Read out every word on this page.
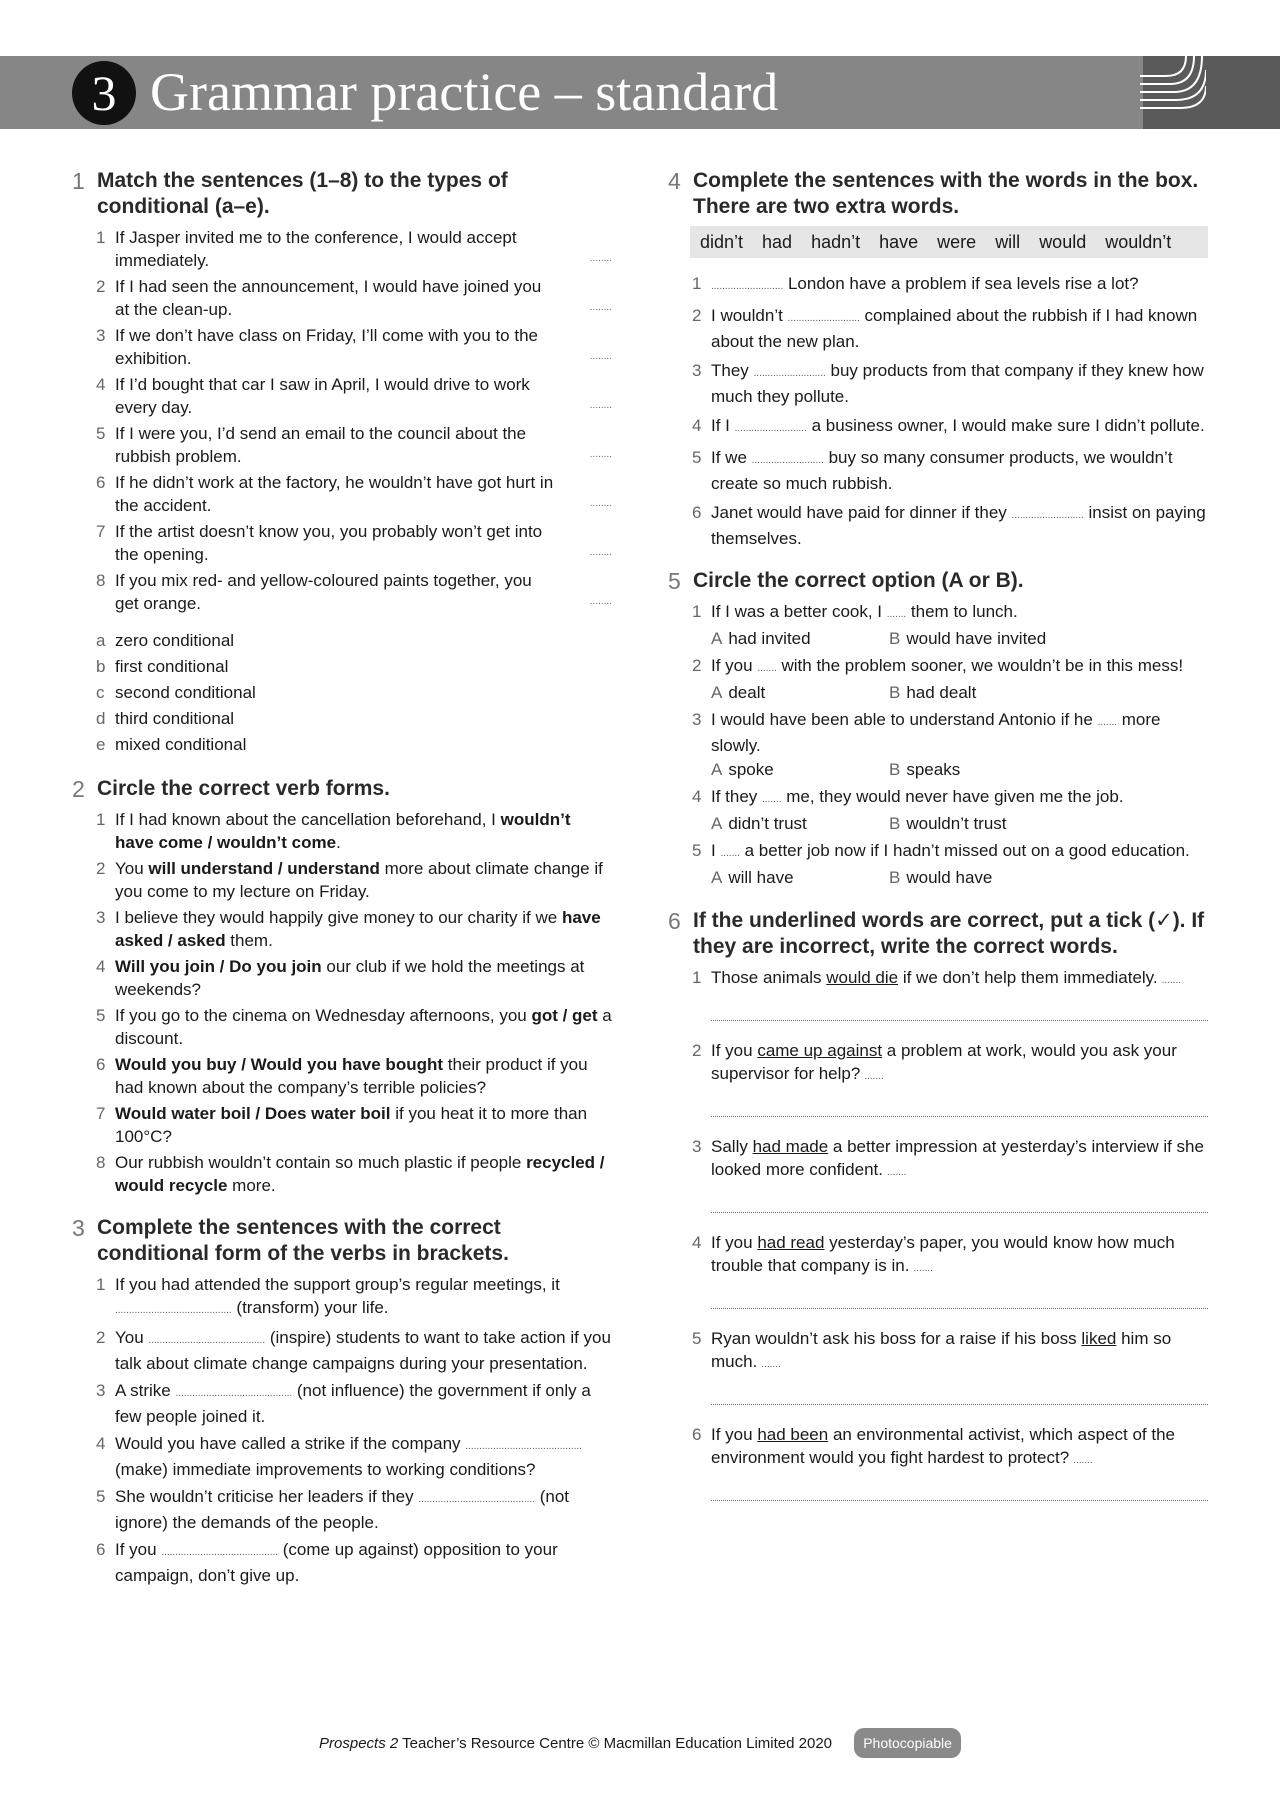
3 Grammar practice – standard
1 Match the sentences (1–8) to the types of conditional (a–e).
1 If Jasper invited me to the conference, I would accept immediately.	........
2 If I had seen the announcement, I would have joined you at the clean-up.	........
3 If we don’t have class on Friday, I’ll come with you to the exhibition.	........
4 If I’d bought that car I saw in April, I would drive to work every day.	........
5 If I were you, I’d send an email to the council about the rubbish problem.	........
6 If he didn’t work at the factory, he wouldn’t have got hurt in the accident.	........
7 If the artist doesn’t know you, you probably won’t get into the opening.	........
8 If you mix red- and yellow-coloured paints together, you get orange.	........
a zero conditional
b first conditional
c second conditional
d third conditional
e mixed conditional
2 Circle the correct verb forms.
1 If I had known about the cancellation beforehand, I wouldn’t have come / wouldn’t come.
2 You will understand / understand more about climate change if you come to my lecture on Friday.
3 I believe they would happily give money to our charity if we have asked / asked them.
4 Will you join / Do you join our club if we hold the meetings at weekends?
5 If you go to the cinema on Wednesday afternoons, you got / get a discount.
6 Would you buy / Would you have bought their product if you had known about the company’s terrible policies?
7 Would water boil / Does water boil if you heat it to more than 100°C?
8 Our rubbish wouldn’t contain so much plastic if people recycled / would recycle more.
3 Complete the sentences with the correct conditional form of the verbs in brackets.
1 If you had attended the support group’s regular meetings, it .......................................... (transform) your life.
2 You .......................................... (inspire) students to want to take action if you talk about climate change campaigns during your presentation.
3 A strike .......................................... (not influence) the government if only a few people joined it.
4 Would you have called a strike if the company .......................................... (make) immediate improvements to working conditions?
5 She wouldn’t criticise her leaders if they .......................................... (not ignore) the demands of the people.
6 If you .......................................... (come up against) opposition to your campaign, don’t give up.
4 Complete the sentences with the words in the box. There are two extra words.
didn’t had hadn’t have were will would wouldn’t
1 .......................... London have a problem if sea levels rise a lot?
2 I wouldn’t .......................... complained about the rubbish if I had known about the new plan.
3 They .......................... buy products from that company if they knew how much they pollute.
4 If I .......................... a business owner, I would make sure I didn’t pollute.
5 If we .......................... buy so many consumer products, we wouldn’t create so much rubbish.
6 Janet would have paid for dinner if they .......................... insist on paying themselves.
5 Circle the correct option (A or B).
1 If I was a better cook, I ....... them to lunch.
A had invited	B would have invited
2 If you ....... with the problem sooner, we wouldn’t be in this mess!
A dealt	B had dealt
3 I would have been able to understand Antonio if he ....... more slowly.
A spoke	B speaks
4 If they ....... me, they would never have given me the job.
A didn’t trust	B wouldn’t trust
5 I ....... a better job now if I hadn’t missed out on a good education.
A will have	B would have
6 If the underlined words are correct, put a tick (✓). If they are incorrect, write the correct words.
1 Those animals would die if we don’t help them immediately. .......
2 If you came up against a problem at work, would you ask your supervisor for help? .......
3 Sally had made a better impression at yesterday’s interview if she looked more confident. .......
4 If you had read yesterday’s paper, you would know how much trouble that company is in. .......
5 Ryan wouldn’t ask his boss for a raise if his boss liked him so much. .......
6 If you had been an environmental activist, which aspect of the environment would you fight hardest to protect? .......
Prospects 2 Teacher’s Resource Centre © Macmillan Education Limited 2020 Photocopiable
